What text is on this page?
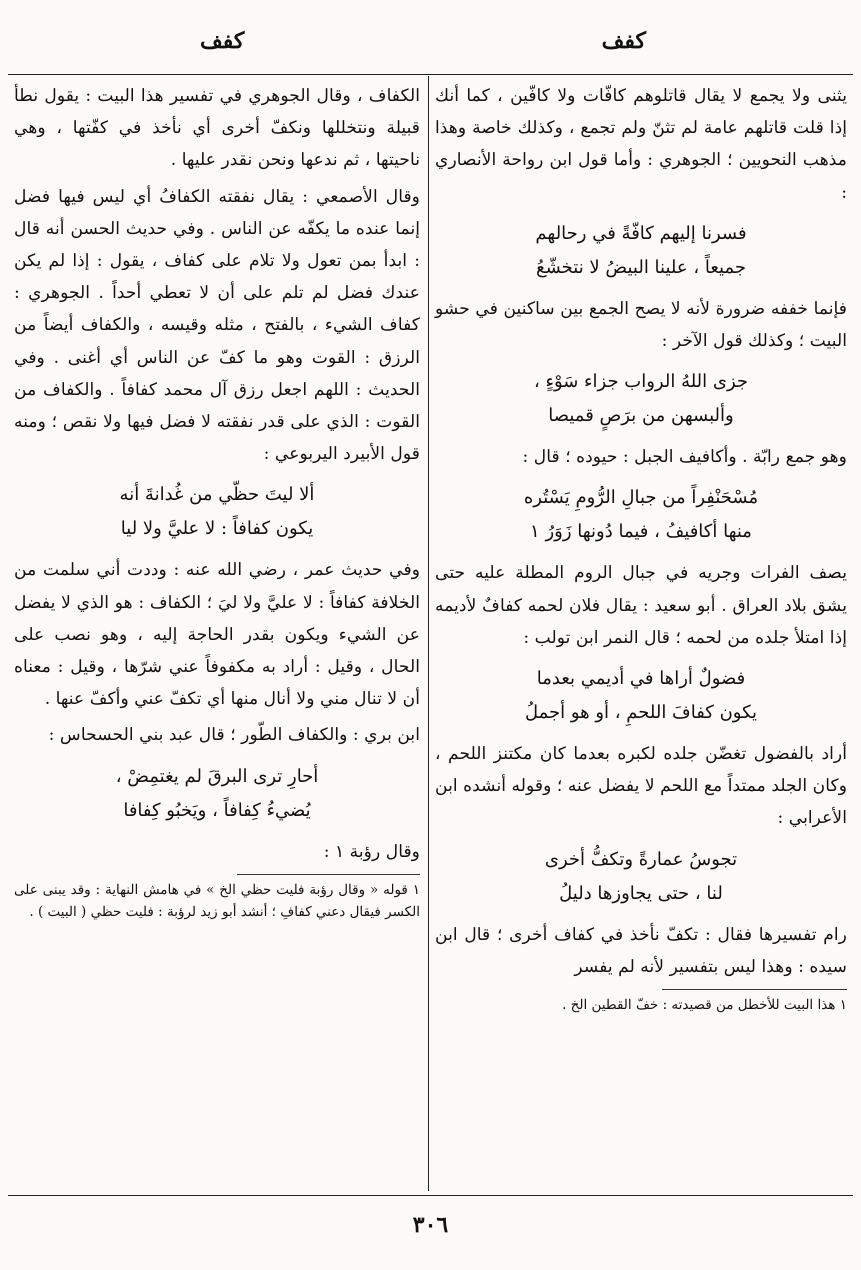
كفف
كفف

يثنى ولا يجمع لا يقال قاتلوهم كافّات ولا كافّين ، كما أنك إذا قلت قاتلهم عامة لم تثنّ ولم تجمع ، وكذلك خاصة وهذا مذهب النحويين ؛ الجوهري : وأما قول ابن رواحة الأنصاري :

فسرنا إليهم كافّةً في رحالهم
جميعاً ، علينا البيضُ لا نتخشّعُ

فإنما خففه ضرورة لأنه لا يصح الجمع بين ساكنين في حشو البيت ؛ وكذلك قول الآخر :

جزى اللهُ الرواب جزاء سَوْءٍ ،
وألبسهن من برَصٍ قميصا

وهو جمع رابّة . وأكافيف الجبل : حيوده ؛ قال :

مُسْحَنْفِراً من جبالِ الرُّومِ يَسْتُره
منها أكافيفُ ، فيما دُونها زَوَرُ ١

يصف الفرات وجريه في جبال الروم المطلة عليه حتى يشق بلاد العراق . أبو سعيد : يقال فلان لحمه كفافٌ لأديمه إذا امتلأ جلده من لحمه ؛ قال النمر ابن تولب :

فضولٌ أراها في أديمي بعدما
يكون كفافَ اللحمِ ، أو هو أجملُ

أراد بالفضول تغضّن جلده لكبره بعدما كان مكتنز اللحم ، وكان الجلد ممتداً مع اللحم لا يفضل عنه ؛ وقوله أنشده ابن الأعرابي :

تجوسُ عمارةً وتكفُّ أخرى
لنا ، حتى يجاوزها دليلُ

رام تفسيرها فقال : تكفّ نأخذ في كفاف أخرى ؛ قال ابن سيده : وهذا ليس بتفسير لأنه لم يفسر

١ هذا البيت للأخطل من قصيدته : خفّ القطين الخ .

الكفاف ، وقال الجوهري في تفسير هذا البيت : يقول نطأ قبيلة ونتخللها ونكفّ أخرى أي نأخذ في كفّتها ، وهي ناحيتها ، ثم ندعها ونحن نقدر عليها .

وقال الأصمعي : يقال نفقته الكفافُ أي ليس فيها فضل إنما عنده ما يكفّه عن الناس . وفي حديث الحسن أنه قال : ابدأ بمن تعول ولا تلام على كفاف ، يقول : إذا لم يكن عندك فضل لم تلم على أن لا تعطي أحداً . الجوهري : كفاف الشيء ، بالفتح ، مثله وقيسه ، والكفاف أيضاً من الرزق : القوت وهو ما كفّ عن الناس أي أغنى . وفي الحديث : اللهم اجعل رزق آل محمد كفافاً . والكفاف من القوت : الذي على قدر نفقته لا فضل فيها ولا نقص ؛ ومنه قول الأبيرد اليربوعي :

ألا ليتَ حظّي من غُدانةَ أنه
يكون كفافاً : لا عليَّ ولا ليا

وفي حديث عمر ، رضي الله عنه : وددت أني سلمت من الخلافة كفافاً : لا عليَّ ولا ليَ ؛ الكفاف : هو الذي لا يفضل عن الشيء ويكون بقدر الحاجة إليه ، وهو نصب على الحال ، وقيل : أراد به مكفوفاً عني شرّها ، وقيل : معناه أن لا تنال مني ولا أنال منها أي تكفّ عني وأكفّ عنها .

ابن بري : والكفاف الطّور ؛ قال عبد بني الحسحاس :

أحارِ ترى البرقَ لم يغتمِضْ ،
يُضيءُ كِفافاً ، ويَخبُو كِفافا

وقال رؤبة ١ :

١ قوله « وقال رؤبة فليت حظي الخ » في هامش النهاية : وقد يبنى على الكسر فيقال دعني كفافِ ؛ أنشد أبو زيد لرؤبة : فليت حظي ( البيت ) .
٣٠٦
